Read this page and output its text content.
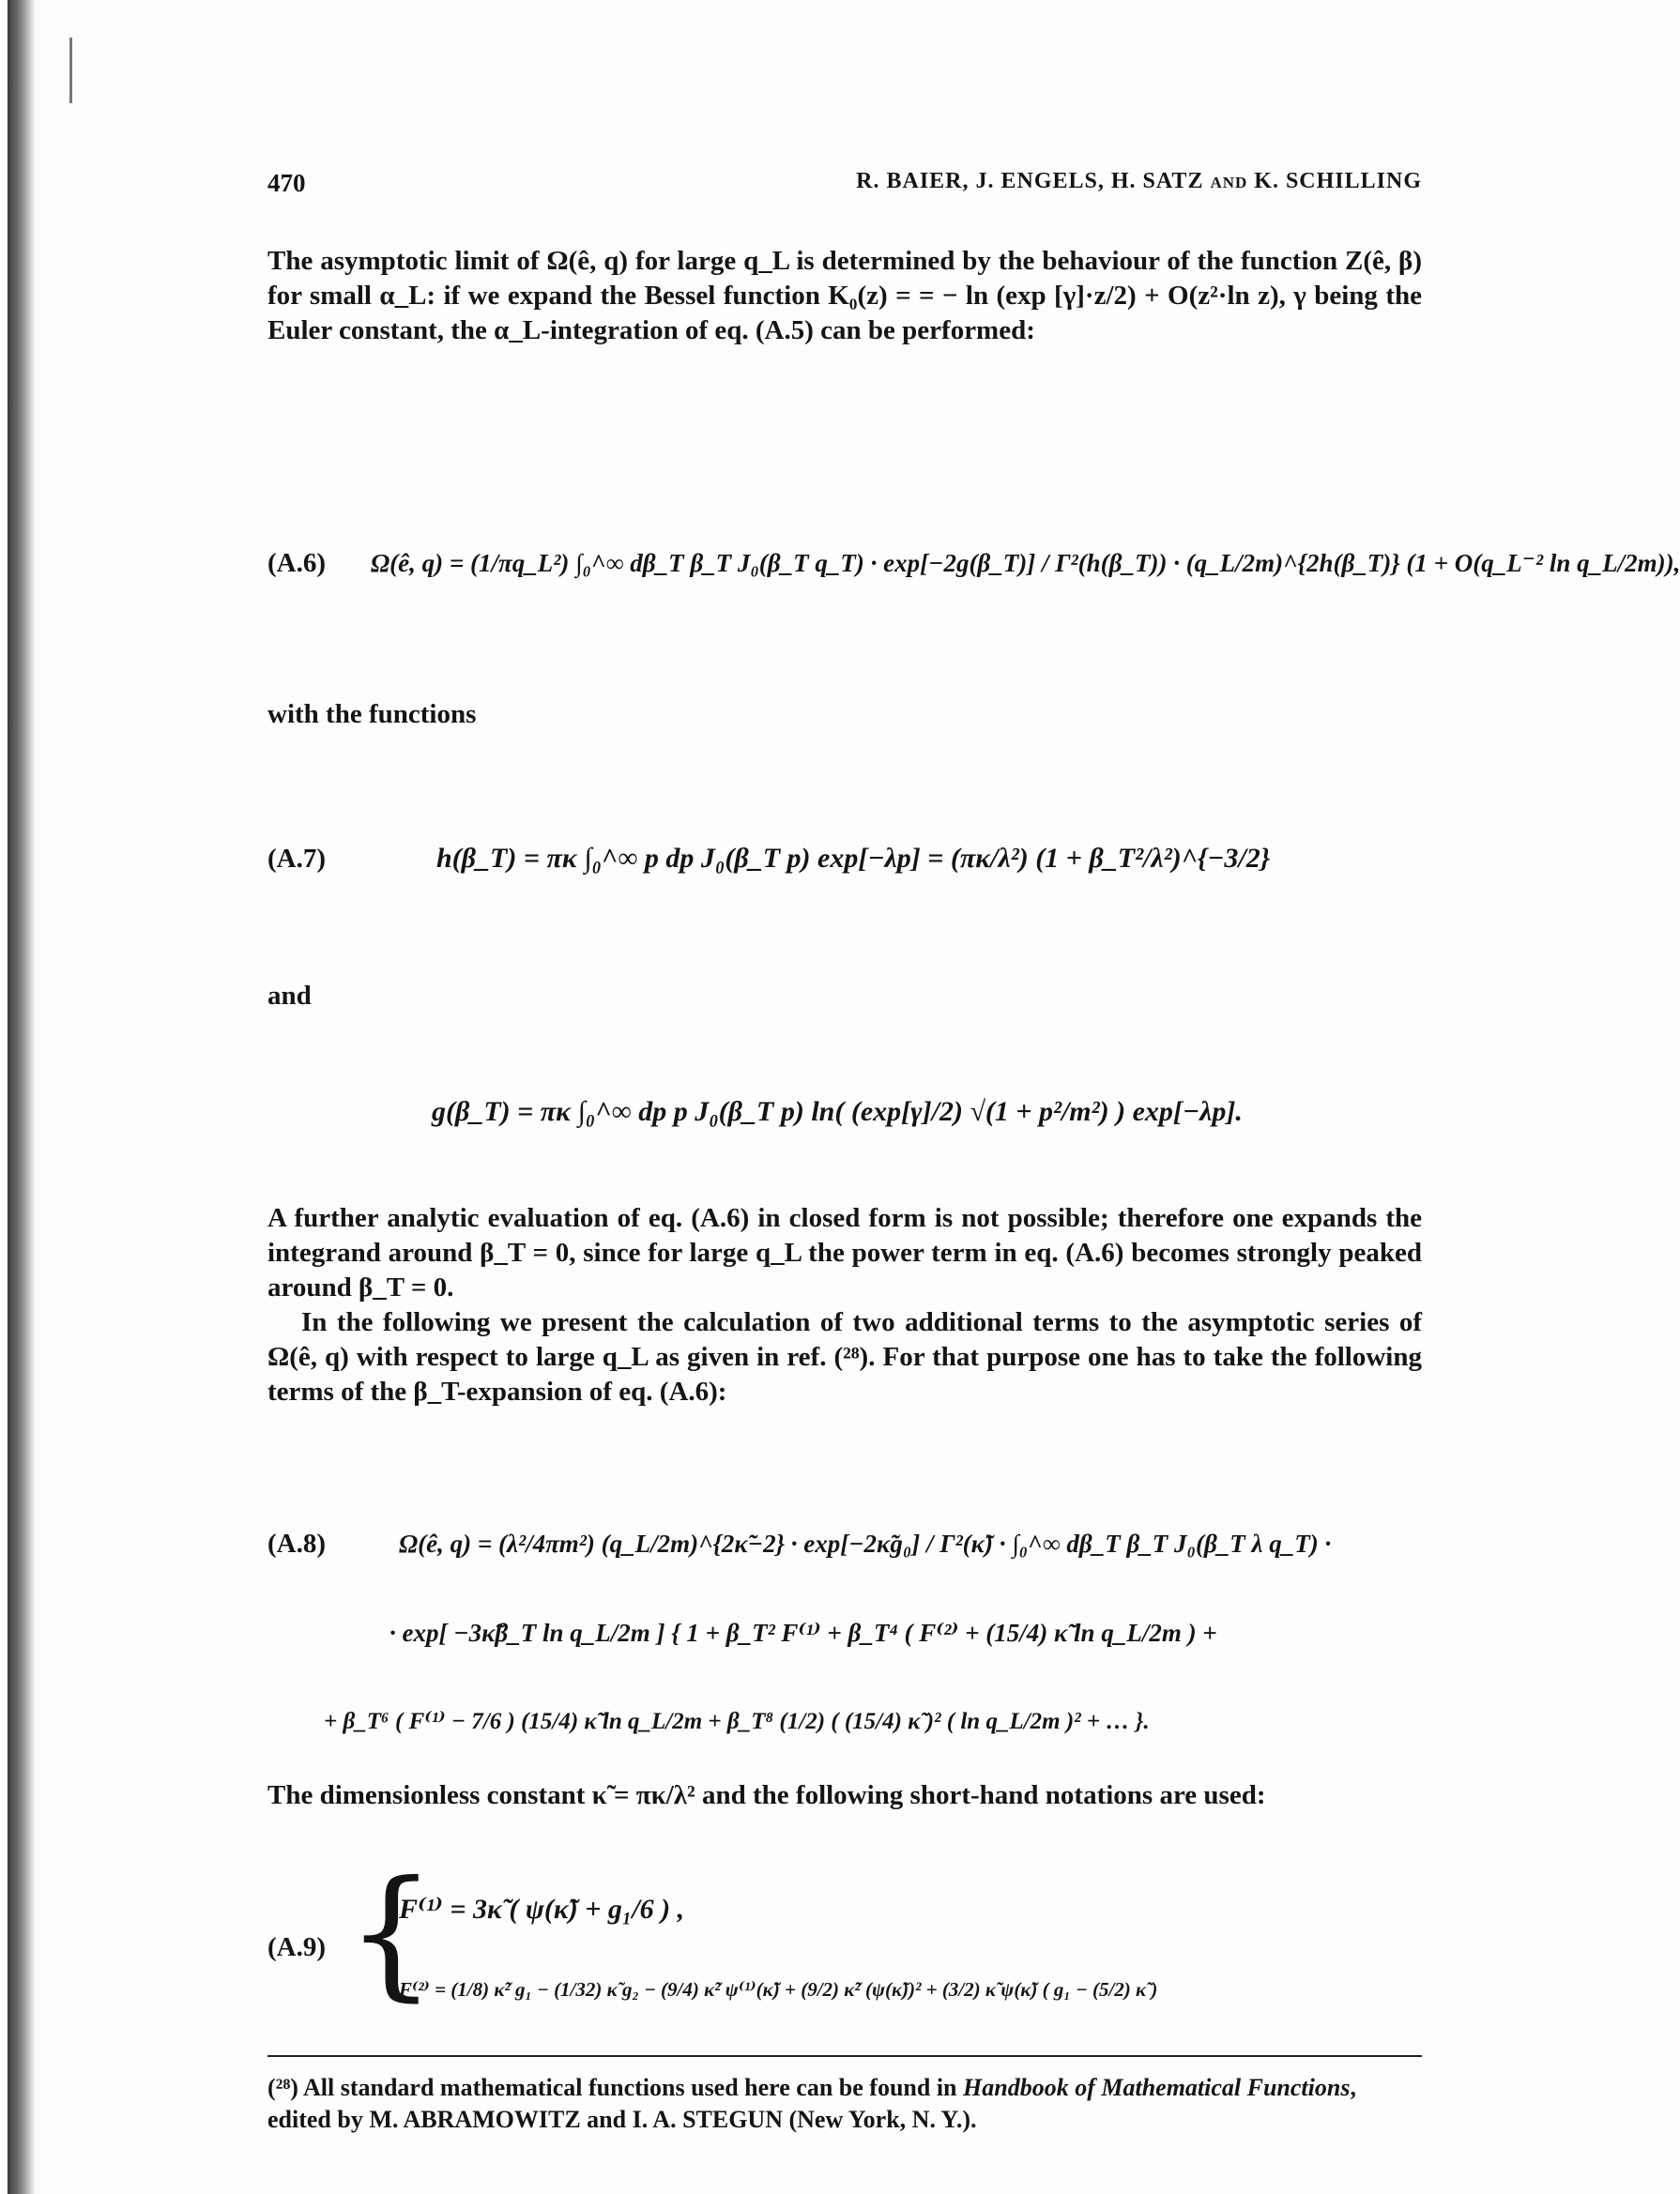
470	R. BAIER, J. ENGELS, H. SATZ and K. SCHILLING

The asymptotic limit of Ω(ê, q) for large q_L is determined by the behaviour of the function Z(ê, β) for small α_L: if we expand the Bessel function K₀(z) = = − ln (exp [γ]·z/2) + O(z²·ln z), γ being the Euler constant, the α_L-integration of eq. (A.5) can be performed:

(A.6) Ω(ê, q) = (1/πq_L²) ∫₀^∞ dβ_T β_T J₀(β_T q_T) · exp[−2g(β_T)] / Γ²(h(β_T)) · (q_L/2m)^{2h(β_T)} (1 + O(q_L⁻² ln q_L/2m)),
with the functions
(A.7)	h(β_T) = πκ ∫₀^∞ p dp J₀(β_T p) exp[−λp] = (πκ/λ²) (1 + β_T²/λ²)^{−3/2}
and
g(β_T) = πκ ∫₀^∞ dp p J₀(β_T p) ln( (exp[γ]/2) √(1 + p²/m²) ) exp[−λp].

A further analytic evaluation of eq. (A.6) in closed form is not possible; therefore one expands the integrand around β_T = 0, since for large q_L the power term in eq. (A.6) becomes strongly peaked around β_T = 0.

In the following we present the calculation of two additional terms to the asymptotic series of Ω(ê, q) with respect to large q_L as given in ref. (²⁸). For that purpose one has to take the following terms of the β_T-expansion of eq. (A.6):

(A.8)	Ω(ê, q) = (λ²/4πm²) (q_L/2m)^{2κ̃−2} · exp[−2κ̃g₀] / Γ²(κ̃) · ∫₀^∞ dβ_T β_T J₀(β_T λ q_T) ·
· exp[ −3κ̃β_T ln q_L/2m ] { 1 + β_T² F⁽¹⁾ + β_T⁴ ( F⁽²⁾ + (15/4) κ̃ ln q_L/2m ) +
+ β_T⁶ ( F⁽¹⁾ − 7/6 ) (15/4) κ̃ ln q_L/2m + β_T⁸ (1/2) ( (15/4) κ̃ )² ( ln q_L/2m )² + … }.

The dimensionless constant κ̃ = πκ/λ² and the following short-hand notations are used:

(A.9) {
F⁽¹⁾ = 3κ̃ ( ψ(κ̃) + g₁/6 ) ,
F⁽²⁾ = (1/8) κ̃² g₁ − (1/32) κ̃ g₂ − (9/4) κ̃² ψ⁽¹⁾(κ̃) + (9/2) κ̃² (ψ(κ̃))² + (3/2) κ̃ ψ(κ̃) ( g₁ − (5/2) κ̃ )

(²⁸) All standard mathematical functions used here can be found in Handbook of Mathematical Functions, edited by M. ABRAMOWITZ and I. A. STEGUN (New York, N. Y.).
